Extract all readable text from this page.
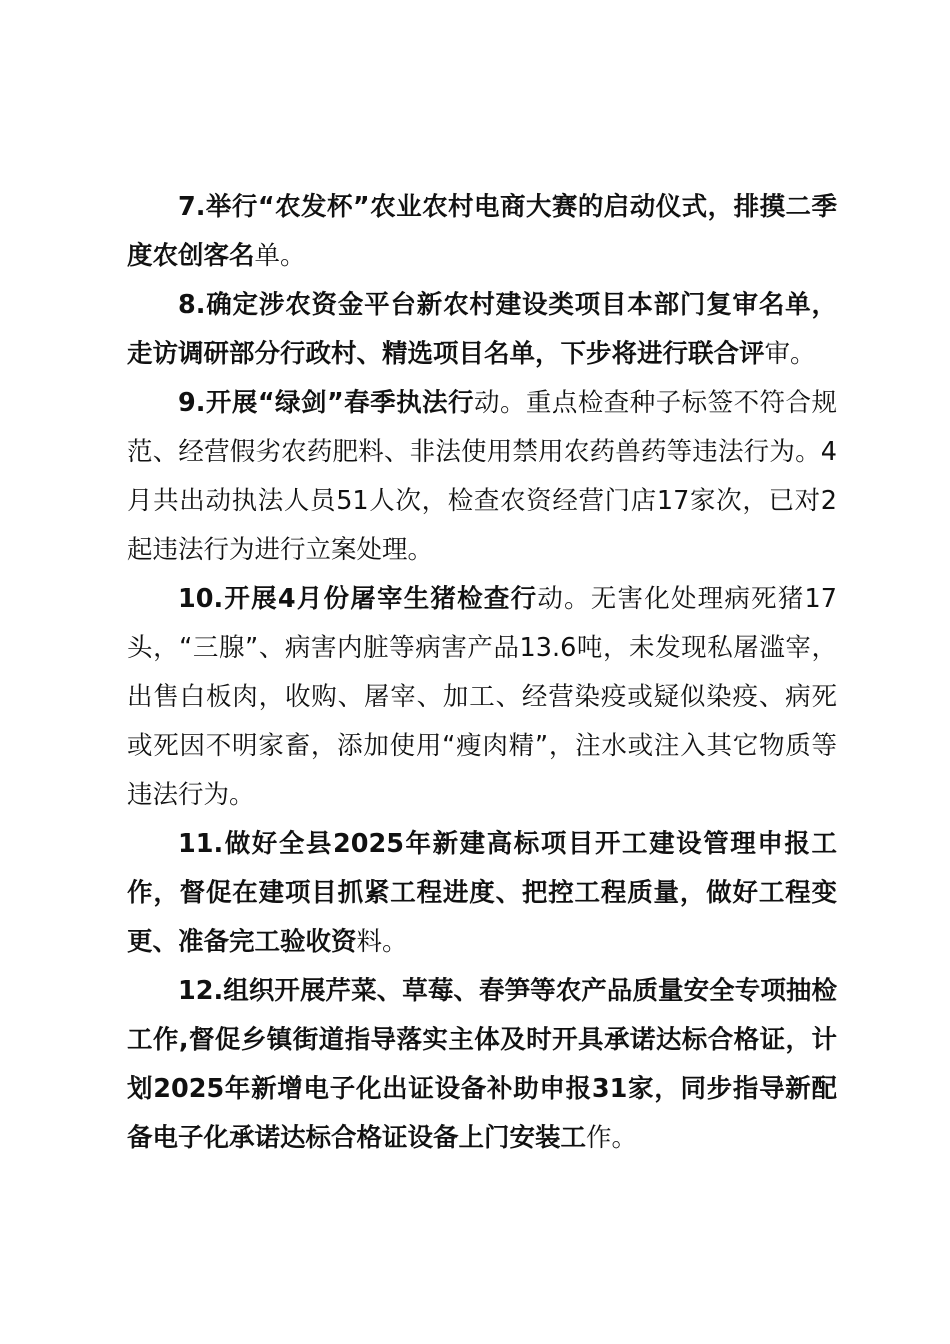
7.举行“农发杯”农业农村电商大赛的启动仪式，排摸二季度农创客名单。

8.确定涉农资金平台新农村建设类项目本部门复审名单，走访调研部分行政村、精选项目名单，下步将进行联合评审。

9.开展“绿剑”春季执法行动。重点检查种子标签不符合规范、经营假劣农药肥料、非法使用禁用农药兽药等违法行为。4月共出动执法人员51人次，检查农资经营门店17家次，已对2起违法行为进行立案处理。

10.开展4月份屠宰生猪检查行动。无害化处理病死猪17头，“三腺”、病害内脏等病害产品13.6吨，未发现私屠滥宰，出售白板肉，收购、屠宰、加工、经营染疫或疑似染疫、病死或死因不明家畜，添加使用“瘦肉精”，注水或注入其它物质等违法行为。

11.做好全县2025年新建高标项目开工建设管理申报工作，督促在建项目抓紧工程进度、把控工程质量，做好工程变更、准备完工验收资料。

12.组织开展芹菜、草莓、春笋等农产品质量安全专项抽检工作,督促乡镇街道指导落实主体及时开具承诺达标合格证，计划2025年新增电子化出证设备补助申报31家，同步指导新配备电子化承诺达标合格证设备上门安装工作。
